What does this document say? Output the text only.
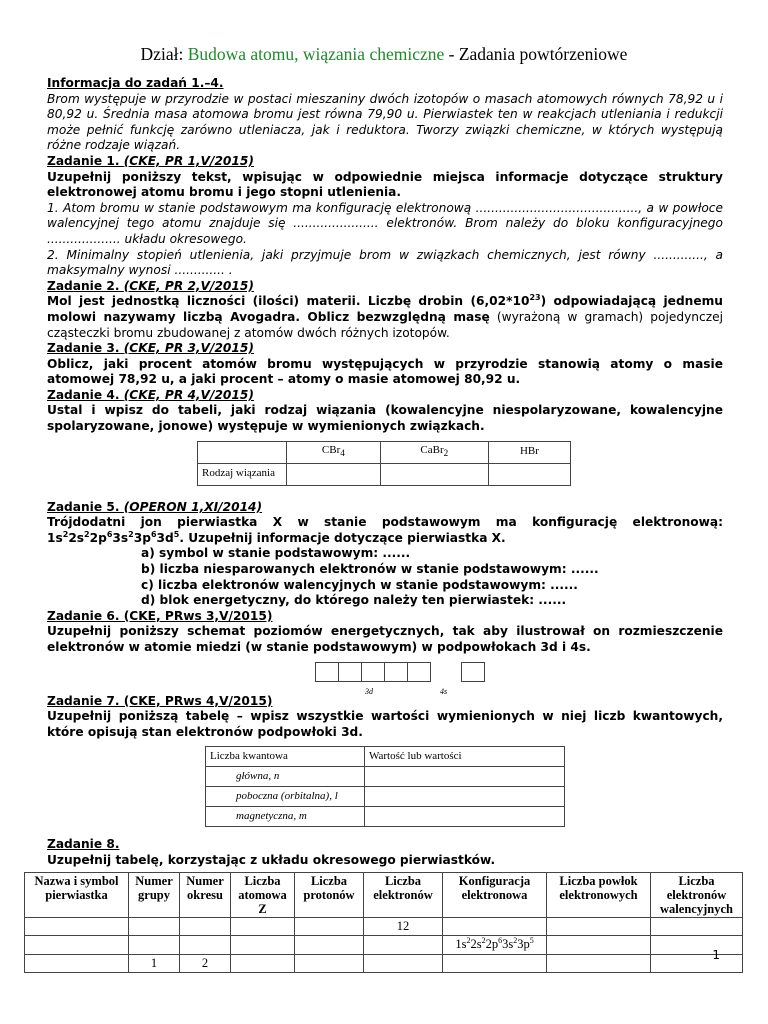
Dział: Budowa atomu, wiązania chemiczne - Zadania powtórzeniowe

Informacja do zadań 1.–4.

Brom występuje w przyrodzie w postaci mieszaniny dwóch izotopów o masach atomowych równych 78,92 u i 80,92 u. Średnia masa atomowa bromu jest równa 79,90 u. Pierwiastek ten w reakcjach utleniania i redukcji może pełnić funkcję zarówno utleniacza, jak i reduktora. Tworzy związki chemiczne, w których występują różne rodzaje wiązań.

Zadanie 1. (CKE, PR 1,V/2015)

Uzupełnij poniższy tekst, wpisując w odpowiednie miejsca informacje dotyczące struktury elektronowej atomu bromu i jego stopni utlenienia.

1. Atom bromu w stanie podstawowym ma konfigurację elektronową .........................................., a w powłoce walencyjnej tego atomu znajduje się ...................... elektronów. Brom należy do bloku konfiguracyjnego ................... układu okresowego.

2. Minimalny stopień utlenienia, jaki przyjmuje brom w związkach chemicznych, jest równy ............., a maksymalny wynosi ............. .

Zadanie 2. (CKE, PR 2,V/2015)

Mol jest jednostką liczności (ilości) materii. Liczbę drobin $(6,02*10^{23})$ odpowiadającą jednemu molowi nazywamy liczbą Avogadra. Oblicz bezwzględną masę (wyrażoną w gramach) pojedynczej cząsteczki bromu zbudowanej z atomów dwóch różnych izotopów.

Zadanie 3. (CKE, PR 3,V/2015)

Oblicz, jaki procent atomów bromu występujących w przyrodzie stanowią atomy o masie atomowej 78,92 u, a jaki procent – atomy o masie atomowej 80,92 u.

Zadanie 4. (CKE, PR 4,V/2015)

Ustal i wpisz do tabeli, jaki rodzaj wiązania (kowalencyjne niespolaryzowane, kowalencyjne spolaryzowane, jonowe) występuje w wymienionych związkach.

	CBr$_4$	CaBr$_2$	HBr
Rodzaj wiązania			

Zadanie 5. (OPERON 1,XI/2014)

Trójdodatni jon pierwiastka X w stanie podstawowym ma konfigurację elektronową: $1s^22s^22p^63s^23p^63d^5$. Uzupełnij informacje dotyczące pierwiastka X.

a) symbol w stanie podstawowym: ......

b) liczba niesparowanych elektronów w stanie podstawowym: ......

c) liczba elektronów walencyjnych w stanie podstawowym: ......

d) blok energetyczny, do którego należy ten pierwiastek: ......

Zadanie 6. (CKE, PRws 3,V/2015)

Uzupełnij poniższy schemat poziomów energetycznych, tak aby ilustrował on rozmieszczenie elektronów w atomie miedzi (w stanie podstawowym) w podpowłokach 3d i 4s.

3d	4s

Zadanie 7. (CKE, PRws 4,V/2015)

Uzupełnij poniższą tabelę – wpisz wszystkie wartości wymienionych w niej liczb kwantowych, które opisują stan elektronów podpowłoki 3d.

Liczba kwantowa	Wartość lub wartości
główna, n	
poboczna (orbitalna), l	
magnetyczna, m	

Zadanie 8.

Uzupełnij tabelę, korzystając z układu okresowego pierwiastków.

Nazwa i symbol pierwiastka	Numer grupy	Numer okresu	Liczba atomowa Z	Liczba protonów	Liczba elektronów	Konfiguracja elektronowa	Liczba powłok elektronowych	Liczba elektronów walencyjnych
					12			
						$1s^22s^22p^63s^23p^5$		
	1	2						
1
